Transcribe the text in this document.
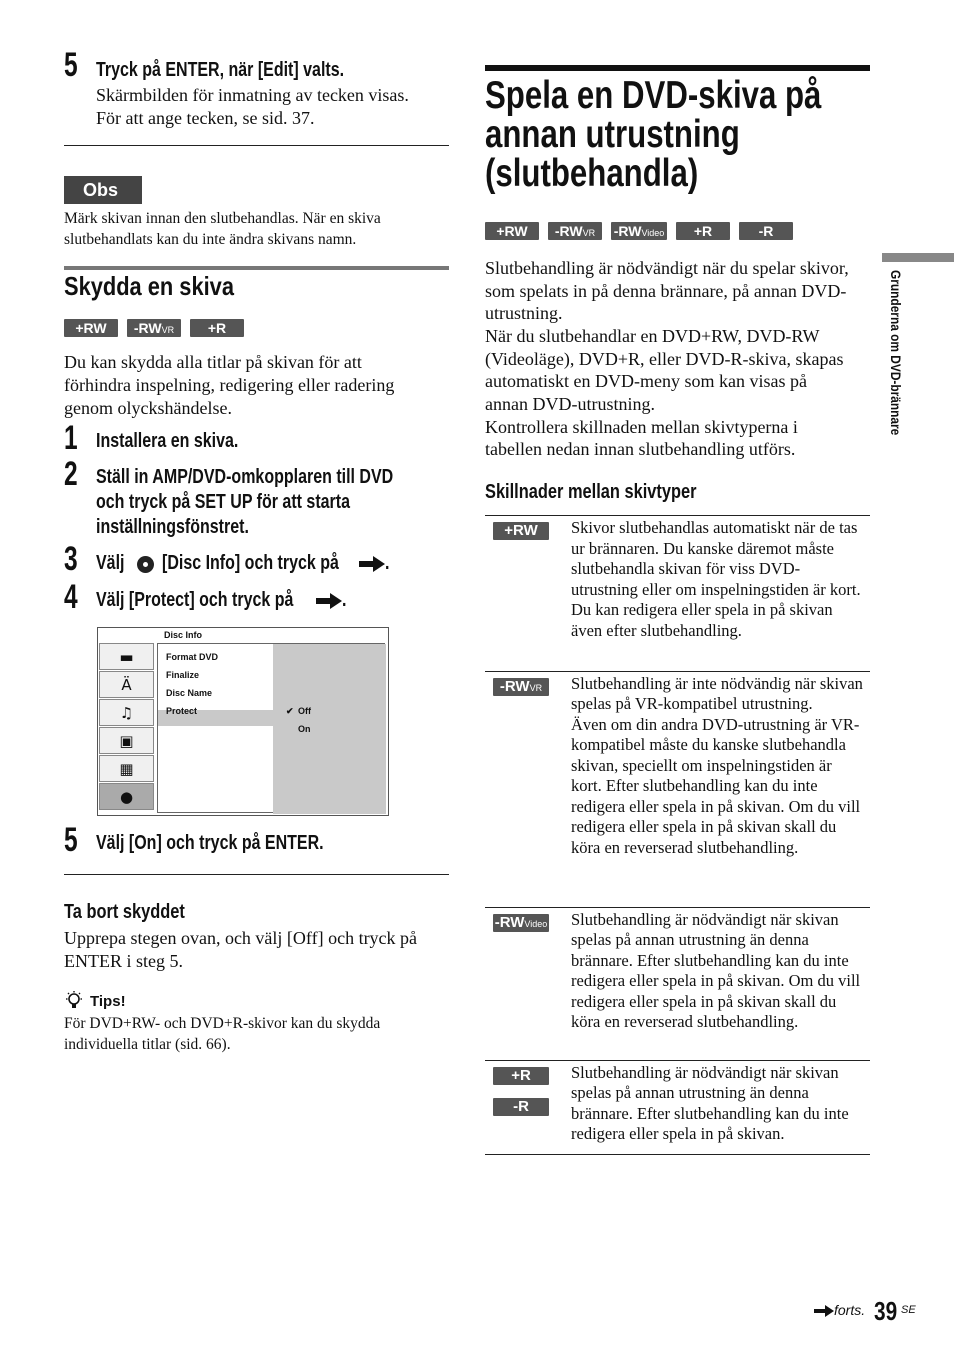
5 Tryck på ENTER, när [Edit] valts.
Skärmbilden för inmatning av tecken visas.
För att ange tecken, se sid. 37.
Obs
Märk skivan innan den slutbehandlas. När en skiva
slutbehandlats kan du inte ändra skivans namn.
Skydda en skiva
+RW	-RWVR	+R
Du kan skydda alla titlar på skivan för att
förhindra inspelning, redigering eller radering
genom olyckshändelse.
1 Installera en skiva.
2 Ställ in AMP/DVD-omkopplaren till DVD
och tryck på SET UP för att starta
inställningsfönstret.
3 Välj [Disc Info] och tryck på .
4 Välj [Protect] och tryck på .
Disc Info
▬
Ä
♫
▣
▦
●
Format DVD
Finalize
Disc Name
Protect	✔ Off
On
5 Välj [On] och tryck på ENTER.
Ta bort skyddet
Upprepa stegen ovan, och välj [Off] och tryck på
ENTER i steg 5.
Tips!
För DVD+RW- och DVD+R-skivor kan du skydda
individuella titlar (sid. 66).
Spela en DVD-skiva på
annan utrustning
(slutbehandla)
+RW	-RWVR	-RWVideo	+R	-R
Slutbehandling är nödvändigt när du spelar skivor,
som spelats in på denna brännare, på annan DVD-
utrustning.
När du slutbehandlar en DVD+RW, DVD-RW
(Videoläge), DVD+R, eller DVD-R-skiva, skapas
automatiskt en DVD-meny som kan visas på
annan DVD-utrustning.
Kontrollera skillnaden mellan skivtyperna i
tabellen nedan innan slutbehandling utförs.
Skillnader mellan skivtyper
+RW	Skivor slutbehandlas automatiskt när de tas ur brännaren. Du kanske däremot måste slutbehandla skivan för viss DVD-utrustning eller om inspelningstiden är kort. Du kan redigera eller spela in på skivan även efter slutbehandling.

-RWVR	Slutbehandling är inte nödvändig när skivan spelas på VR-kompatibel utrustning.
Även om din andra DVD-utrustning är VR-kompatibel måste du kanske slutbehandla skivan, speciellt om inspelningstiden är kort. Efter slutbehandling kan du inte redigera eller spela in på skivan. Om du vill redigera eller spela in på skivan skall du köra en reverserad slutbehandling.

-RWVideo	Slutbehandling är nödvändigt när skivan spelas på annan utrustning än denna brännare. Efter slutbehandling kan du inte redigera eller spela in på skivan. Om du vill redigera eller spela in på skivan skall du köra en reverserad slutbehandling.

+R
-R	Slutbehandling är nödvändigt när skivan spelas på annan utrustning än denna brännare. Efter slutbehandling kan du inte redigera eller spela in på skivan.
Grunderna om DVD-brännare
forts. 39 SE
